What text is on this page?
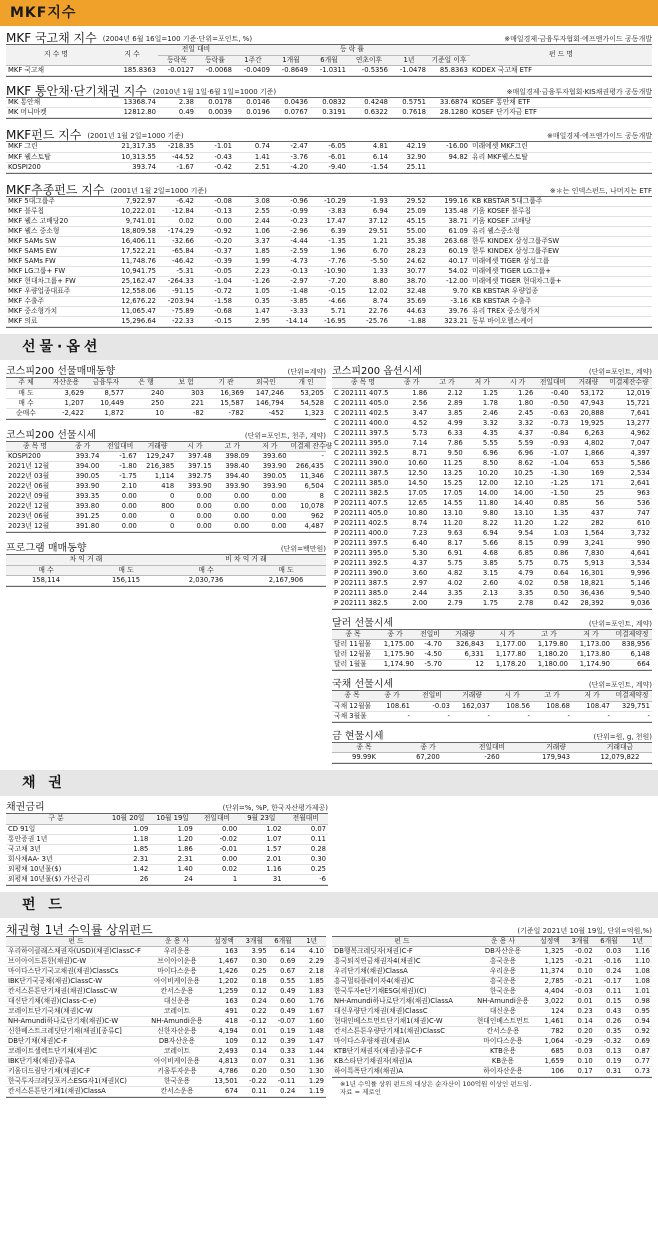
MKF지수
MKF 국고채 지수 (2004년 6월 16일=100 기준·단위=포인트, %)	※매일경제·금융투자협회·에프앤가이드 공동개발
지 수 명	지 수	전일 대비		등 락 률						펀 드 명
		등락폭	등락률	1주간	1개월	6개월	연초이후	1년	기준일 이후	
MKF 국고채	185.8363	-0.0127	-0.0068	-0.0409	-0.8649	-1.0311	-0.5356	-1.0478	85.8363	KODEX 국고채 ETF
MKF 통안채·단기채권 지수 (2010년 1월 1일·6월 1일=1000 기준)	※매일경제·금융투자협회·KIS채권평가 공동개발
MK 통안채	13368.74	2.38	0.0178	0.0146	0.0436	0.0832	0.4248	0.5751	33.6874	KOSEF 통안채 ETF
MK 머니마켓	12812.80	0.49	0.0039	0.0196	0.0767	0.3191	0.6322	0.7618	28.1280	KOSEF 단기자금 ETF
MKF펀드 지수 (2001년 1월 2일=1000 기준)	※매일경제·에프앤가이드 공동개발
MKF 그린	21,317.35	-218.35	-1.01	0.74	-2.47	-6.05	4.81	42.19	-16.00	미래에셋 MKF그린
MKF 웰스토탈	10,313.55	-44.52	-0.43	1.41	-3.76	-6.01	6.14	32.90	94.82	유리 MKF웰스토탈
KOSPI200	393.74	-1.67	-0.42	2.51	-4.20	-9.40	-1.54	25.11		
MKF추종펀드 지수 (2001년 1월 2일=1000 기준)	※＊는 인덱스펀드, 나머지는 ETF
MKF 5대그룹주	7,922.97	-6.42	-0.08	3.08	-0.96	-10.29	-1.93	29.52	199.16	KB KBSTAR 5대그룹주
MKF 블루칩	10,222.01	-12.84	-0.13	2.55	-0.99	-3.83	6.94	25.09	135.48	키움 KOSEF 블루칩
MKF 웰스 고배당20	9,741.01	0.02	0.00	2.44	-0.23	17.47	37.12	45.15	38.71	키움 KOSEF 고배당
MKF 웰스 중소형	18,809.58	-174.29	-0.92	1.06	-2.96	6.39	29.51	55.00	61.09	유리 웰스중소형
MKF SAMs SW	16,406.11	-32.66	-0.20	3.37	-4.44	-1.35	1.21	35.38	263.68	한투 KINDEX 삼성그룹주SW
MKF SAMS EW	17,522.21	-65.84	-0.37	1.85	-2.59	1.96	6.70	28.23	60.19	한투 KINDEX 삼성그룹주EW
MKF SAMs FW	11,748.76	-46.42	-0.39	1.99	-4.73	-7.76	-5.50	24.62	40.17	미래에셋 TIGER 삼성그룹
MKF LG그룹+ FW	10,941.75	-5.31	-0.05	2.23	-0.13	-10.90	1.33	30.77	54.02	미래에셋 TIGER LG그룹+
MKF 현대차그룹+ FW	25,162.47	-264.33	-1.04	-1.26	-2.97	-7.20	8.80	38.70	-12.00	미래에셋 TIGER 현대차그룹+
MKF 우량업종대표주	12,558.06	-91.15	-0.72	1.05	-1.48	-0.15	12.02	32.48	9.70	KB KBSTAR 우량업종
MKF 수출주	12,676.22	-203.94	-1.58	0.35	-3.85	-4.66	8.74	35.69	-3.16	KB KBSTAR 수출주
MKF 중소형가치	11,065.47	-75.89	-0.68	1.47	-3.33	5.71	22.76	44.63	39.76	유리 TREX 중소형가치
MKF 의료	15,296.64	-22.33	-0.15	2.95	-14.14	-16.95	-25.76	-1.88	323.21	동부 바이오헬스케어
선물·옵션
코스피200 선물매매동향	(단위=계약)
주 체	자산운용	금융투자	은 행	보 험	기 관	외국인	개 인
매 도	3,629	8,577	240	303	16,369	147,246	53,205
매 수	1,207	10,449	250	221	15,587	146,794	54,528
순매수	-2,422	1,872	10	-82	-782	-452	1,323
코스피200 선물시세	(단위=포인트, 천주, 계약)
종 목 명	종 가	전일대비	거래량	시 가	고 가	저 가	미결제 잔수량
KOSPI200	393.74	-1.67	129,247	397.48	398.09	393.60	-
2021년 12월	394.00	-1.80	216,385	397.15	398.40	393.90	266,435
2022년 03월	390.05	-1.75	1,114	392.75	394.40	390.05	11,346
2022년 06월	393.90	2.10	418	393.90	393.90	393.90	6,504
2022년 09월	393.35	0.00	0	0.00	0.00	0.00	8
2022년 12월	393.80	0.00	800	0.00	0.00	0.00	10,078
2023년 06월	391.25	0.00	0	0.00	0.00	0.00	962
2023년 12월	391.80	0.00	0	0.00	0.00	0.00	4,487
프로그램 매매동향	(단위=백만원)
차 익 거 래		비 차 익 거 래	
매 수	매 도	매 수	매 도
158,114	156,115	2,030,736	2,167,906
코스피200 옵션시세	(단위=포인트, 계약)
종 목 명	종 가	고 가	저 가	시 가	전일대비	거래량	미결제잔수량
C 202111 407.5	1.86	2.12	1.25	1.26	-0.40	53,172	12,019
C 202111 405.0	2.56	2.89	1.78	1.80	-0.50	47,943	15,721
C 202111 402.5	3.47	3.85	2.46	2.45	-0.63	20,888	7,641
C 202111 400.0	4.52	4.99	3.32	3.32	-0.73	19,925	13,277
C 202111 397.5	5.73	6.33	4.35	4.37	-0.84	6,263	4,962
C 202111 395.0	7.14	7.86	5.55	5.59	-0.93	4,802	7,047
C 202111 392.5	8.71	9.50	6.96	6.96	-1.07	1,866	4,397
C 202111 390.0	10.60	11.25	8.50	8.62	-1.04	653	5,586
C 202111 387.5	12.50	13.25	10.20	10.25	-1.30	169	2,534
C 202111 385.0	14.50	15.25	12.00	12.10	-1.25	171	2,641
C 202111 382.5	17.05	17.05	14.00	14.00	-1.50	25	963
P 202111 407.5	12.65	14.55	11.80	14.40	0.85	56	536
P 202111 405.0	10.80	13.10	9.80	13.10	1.35	437	747
P 202111 402.5	8.74	11.20	8.22	11.20	1.22	282	610
P 202111 400.0	7.23	9.63	6.94	9.54	1.03	1,564	3,732
P 202111 397.5	6.40	8.17	5.66	8.15	0.99	3,241	990
P 202111 395.0	5.30	6.91	4.68	6.85	0.86	7,830	4,641
P 202111 392.5	4.37	5.75	3.85	5.75	0.75	5,913	3,534
P 202111 390.0	3.60	4.82	3.15	4.79	0.64	16,301	9,996
P 202111 387.5	2.97	4.02	2.60	4.02	0.58	18,821	5,146
P 202111 385.0	2.44	3.35	2.13	3.35	0.50	36,436	9,540
P 202111 382.5	2.00	2.79	1.75	2.78	0.42	28,392	9,036
달러 선물시세	(단위=포인트, 계약)
종 목	종 가	전일비	거래량	시 가	고 가	저 가	미결제약정
달러 11월물	1,175.00	-4.70	326,843	1,177.00	1,179.80	1,173.00	838,956
달러 12월물	1,175.90	-4.50	6,331	1,177.80	1,180.20	1,173.80	6,148
달러 1월물	1,174.90	-5.70	12	1,178.20	1,180.00	1,174.90	664
국채 선물시세	(단위=포인트, 계약)
종 목	종 가	전일비	거래량	시 가	고 가	저 가	미결제약정
국채 12월물	108.61	-0.03	162,037	108.56	108.68	108.47	329,751
국채 3월물	-	-	-	-	-	-	-
금 현물시세	(단위=원, g, 천원)
종 목	종 가	전일대비	거래량	거래대금
99.99K	67,200	-260	179,943	12,079,822
채 권
채권금리	(단위=%, %P, 한국자산평가제공)
구 분	10월 20일	10월 19일	전일대비	9월 23일	전월대비
CD 91일	1.09	1.09	0.00	1.02	0.07
통안증권 1년	1.18	1.20	-0.02	1.07	0.11
국고채 3년	1.85	1.86	-0.01	1.57	0.28
회사채AA- 3년	2.31	2.31	0.00	2.01	0.30
외평채 10년물($)	1.42	1.40	0.02	1.16	0.25
외평채 10년물($) 가산금리	26	24	1	31	-6
펀 드
채권형 1년 수익률 상위펀드	(기준일 2021년 10월 19일, 단위=억원,%)
펀 드	운 용 사	설정액	3개월	6개월	1년
우리하이클래스채권자(USD)(채권)ClassC-F	우리운용	163	3.95	6.14	4.10
브이아이드튼한(채권)C-W	브이아이운용	1,467	0.30	0.69	2.29
마이다스단기국고채권(채권)ClassCs	마이다스운용	1,426	0.25	0.67	2.18
IBK단기국공채(채권)ClassC-W	아이비케이운용	1,202	0.18	0.55	1.85
칸서스튼튼단기채권(채권)ClassC-W	칸서스운용	1,259	0.12	0.49	1.83
대신단기채(채권)(Class-C-e)	대신운용	163	0.24	0.60	1.76
코레이트단기국채(채권)C-W	코레이트	491	0.22	0.49	1.67
NH-Amundi하나로단기채(채권)C-W	NH-Amundi운용	418	-0.12	-0.07	1.60
신한베스트크레딧단기채(채권)[종류C]	신한자산운용	4,194	0.01	0.19	1.48
DB단기채(채권)C-F	DB자산운용	109	0.12	0.39	1.47
코레이트셀렉트단기채(채권)C	코레이트	2,493	0.14	0.33	1.44
IBK단기채(채권)종류A	아이비케이운용	4,813	0.07	0.31	1.36
키움더드림단기채(채권)C-F	키움투자운용	4,786	0.20	0.50	1.30
한국투자크레딧포커스ESG자1(채권)(C)	한국운용	13,501	-0.22	-0.11	1.29
칸서스튼튼단기채1(채권)ClassA	칸서스운용	674	0.11	0.24	1.19
펀 드	운 용 사	설정액	3개월	6개월	1년
DB행복크레딧자(채권)C-F	DB자산운용	1,325	-0.02	0.03	1.16
흥국퇴직연금채권자4(채권)C	흥국운용	1,125	-0.21	-0.16	1.10
우리단기채(채권)ClassA	우리운용	11,374	0.10	0.24	1.08
흥국멀티플레이자4(채권)C	흥국운용	2,785	-0.21	-0.17	1.08
한국투자e단기채ESG(채권)(C)	한국운용	4,404	-0.03	0.11	1.01
NH-Amundi하나로단기채(채권)ClassA	NH-Amundi운용	3,022	0.01	0.15	0.98
대신우량단기채권(채권)ClassC	대신운용	124	0.23	0.43	0.95
현대인베스트먼트단기채1(채권)C-W	현대인베스트먼트	1,461	0.14	0.26	0.94
칸서스튼튼우량단기채1(채권)ClassC	칸서스운용	782	0.20	0.35	0.92
마이다스우량채권(채권)A	마이다스운용	1,064	-0.29	-0.32	0.69
KTB단기채권자(채권)종류C-F	KTB운용	685	0.03	0.13	0.87
KB스타단기채권자(채권)A	KB운용	1,659	0.10	0.19	0.77
하이특폭단기채(채권)A	하이자산운용	106	0.17	0.31	0.73
※1년 수익률 상위 펀드의 대상은 순자산이 100억원 이상인 펀드임.
자료 = 제로인
